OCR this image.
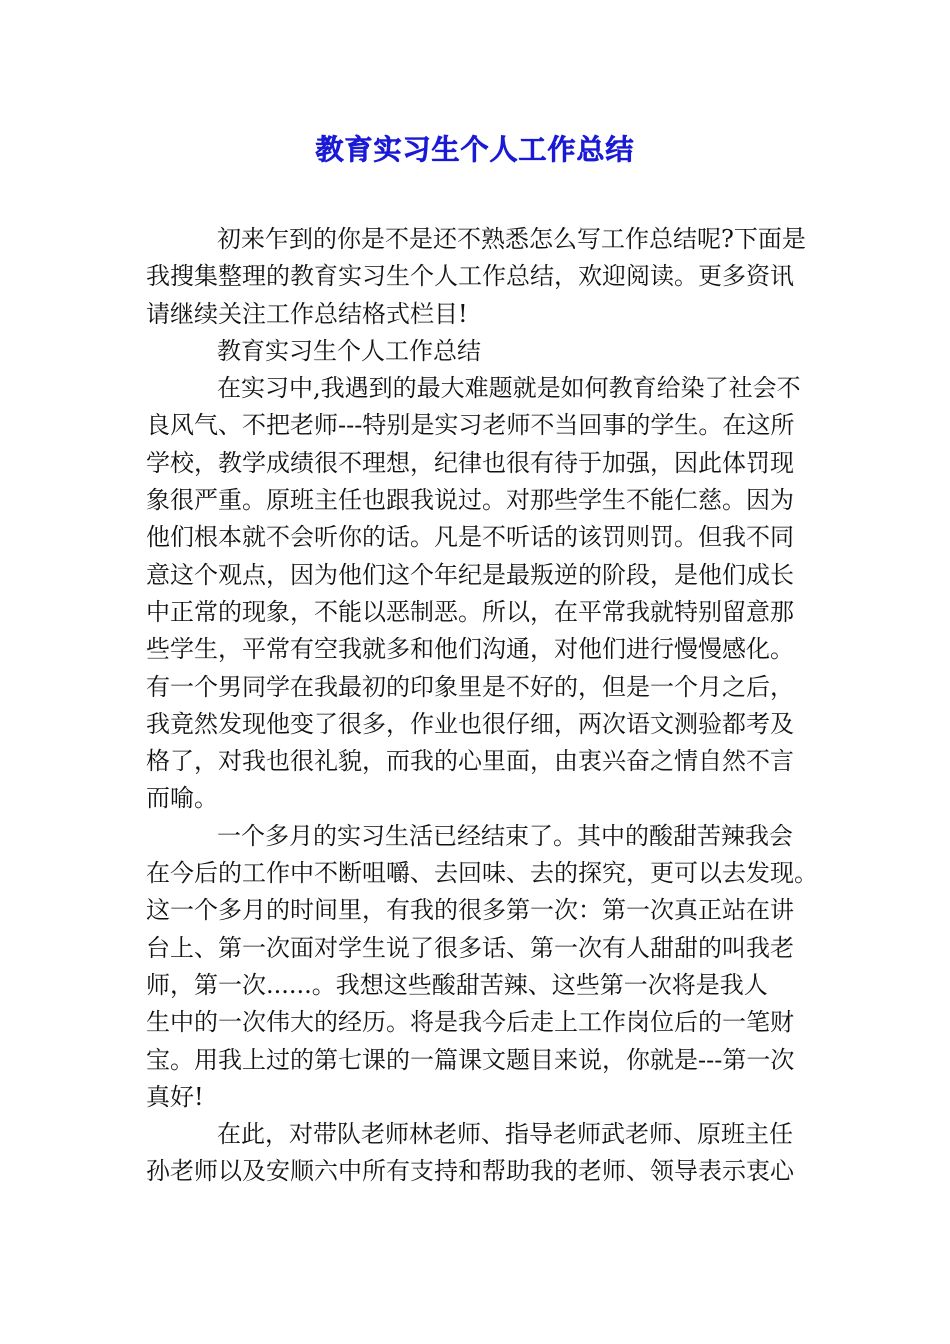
教育实习生个人工作总结
初来乍到的你是不是还不熟悉怎么写工作总结呢?下面是
我搜集整理的教育实习生个人工作总结，欢迎阅读。更多资讯
请继续关注工作总结格式栏目!
教育实习生个人工作总结
在实习中,我遇到的最大难题就是如何教育给染了社会不
良风气、不把老师---特别是实习老师不当回事的学生。在这所
学校，教学成绩很不理想，纪律也很有待于加强，因此体罚现
象很严重。原班主任也跟我说过。对那些学生不能仁慈。因为
他们根本就不会听你的话。凡是不听话的该罚则罚。但我不同
意这个观点，因为他们这个年纪是最叛逆的阶段，是他们成长
中正常的现象，不能以恶制恶。所以，在平常我就特别留意那
些学生，平常有空我就多和他们沟通，对他们进行慢慢感化。
有一个男同学在我最初的印象里是不好的，但是一个月之后，
我竟然发现他变了很多，作业也很仔细，两次语文测验都考及
格了，对我也很礼貌，而我的心里面，由衷兴奋之情自然不言
而喻。
一个多月的实习生活已经结束了。其中的酸甜苦辣我会
在今后的工作中不断咀嚼、去回味、去的探究，更可以去发现。
这一个多月的时间里，有我的很多第一次：第一次真正站在讲
台上、第一次面对学生说了很多话、第一次有人甜甜的叫我老
师，第一次......。我想这些酸甜苦辣、这些第一次将是我人
生中的一次伟大的经历。将是我今后走上工作岗位后的一笔财
宝。用我上过的第七课的一篇课文题目来说，你就是---第一次
真好!
在此，对带队老师林老师、指导老师武老师、原班主任
孙老师以及安顺六中所有支持和帮助我的老师、领导表示衷心
